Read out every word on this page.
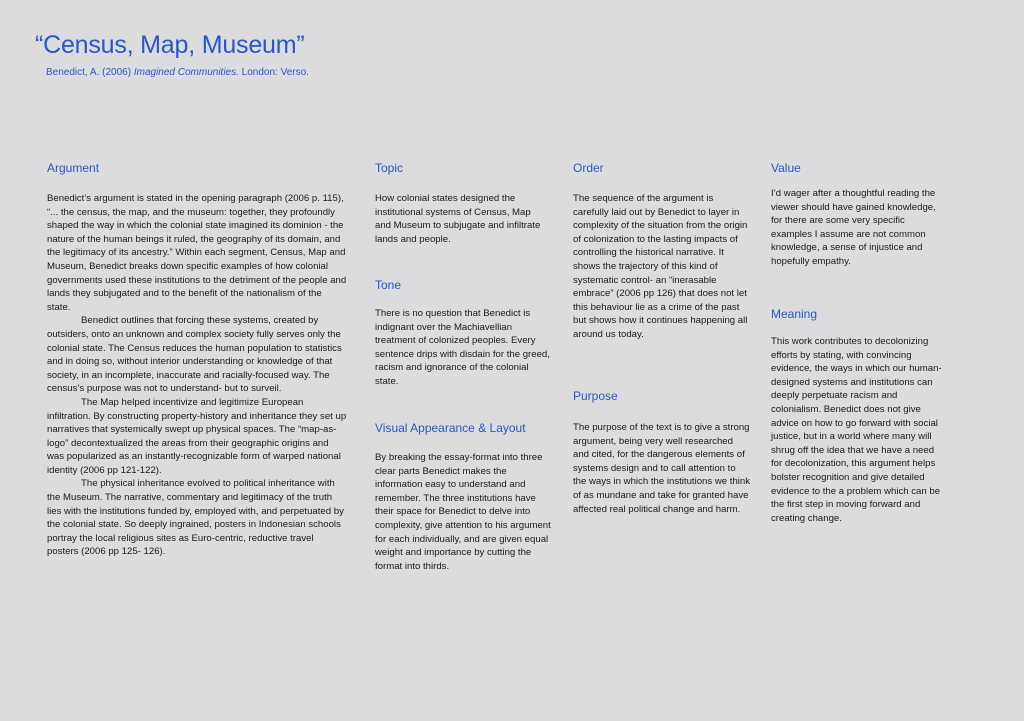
“Census, Map, Museum”
Benedict, A. (2006) Imagined Communities. London: Verso.
Argument

Benedict’s argument is stated in the opening paragraph (2006 p. 115), “... the census, the map, and the museum: together, they profoundly shaped the way in which the colonial state imagined its dominion - the nature of the human beings it ruled, the geography of its domain, and the legitimacy of its ancestry.” Within each segment, Census, Map and Museum, Benedict breaks down specific examples of how colonial governments used these institutions to the detriment of the people and lands they subjugated and to the benefit of the nationalism of the state.

Benedict outlines that forcing these systems, created by outsiders, onto an unknown and complex society fully serves only the colonial state. The Census reduces the human population to statistics and in doing so, without interior understanding or knowledge of that society, in an incomplete, inaccurate and racially-focused way. The census’s purpose was not to understand- but to surveil.

The Map helped incentivize and legitimize European infiltration. By constructing property-history and inheritance they set up narratives that systemically swept up physical spaces. The “map-as-logo” decontextualized the areas from their geographic origins and was popularized as an instantly-recognizable form of warped national identity (2006 pp 121-122).

The physical inheritance evolved to political inheritance with the Museum. The narrative, commentary and legitimacy of the truth lies with the institutions funded by, employed with, and perpetuated by the colonial state. So deeply ingrained, posters in Indonesian schools portray the local religious sites as Euro-centric, reductive travel posters (2006 pp 125- 126).

Topic
How colonial states designed the institutional systems of Census, Map and Museum to subjugate and infiltrate lands and people.
Tone
There is no question that Benedict is indignant over the Machiavellian treatment of colonized peoples. Every sentence drips with disdain for the greed, racism and ignorance of the colonial state.
Visual Appearance & Layout
By breaking the essay-format into three clear parts Benedict makes the information easy to understand and remember. The three institutions have their space for Benedict to delve into complexity, give attention to his argument for each individually, and are given equal weight and importance by cutting the format into thirds.
Order
The sequence of the argument is carefully laid out by Benedict to layer in complexity of the situation from the origin of colonization to the lasting impacts of controlling the historical narrative. It shows the trajectory of this kind of systematic control- an “inerasable embrace” (2006 pp 126) that does not let this behaviour lie as a crime of the past but shows how it continues happening all around us today.
Purpose
The purpose of the text is to give a strong argument, being very well researched and cited, for the dangerous elements of systems design and to call attention to the ways in which the institutions we think of as mundane and take for granted have affected real political change and harm.
Value
I’d wager after a thoughtful reading the viewer should have gained knowledge, for there are some very specific examples I assume are not common knowledge, a sense of injustice and hopefully empathy.
Meaning
This work contributes to decolonizing efforts by stating, with convincing evidence, the ways in which our human-designed systems and institutions can deeply perpetuate racism and colonialism. Benedict does not give advice on how to go forward with social justice, but in a world where many will shrug off the idea that we have a need for decolonization, this argument helps bolster recognition and give detailed evidence to the a problem which can be the first step in moving forward and creating change.
